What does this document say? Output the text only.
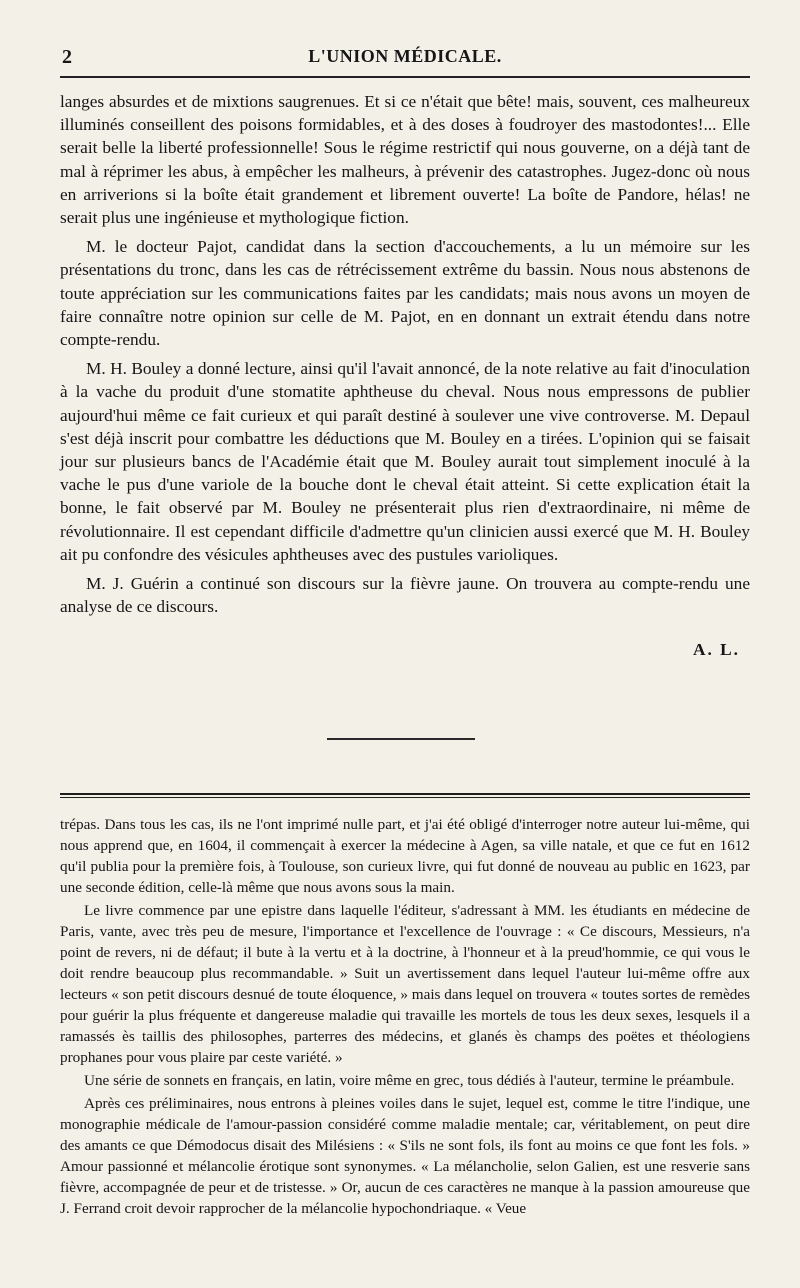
2	L'UNION MÉDICALE.

langes absurdes et de mixtions saugrenues. Et si ce n'était que bête! mais, souvent, ces malheureux illuminés conseillent des poisons formidables, et à des doses à foudroyer des mastodontes!... Elle serait belle la liberté professionnelle! Sous le régime restrictif qui nous gouverne, on a déjà tant de mal à réprimer les abus, à empêcher les malheurs, à prévenir des catastrophes. Jugez-donc où nous en arriverions si la boîte était grandement et librement ouverte! La boîte de Pandore, hélas! ne serait plus une ingénieuse et mythologique fiction.

M. le docteur Pajot, candidat dans la section d'accouchements, a lu un mémoire sur les présentations du tronc, dans les cas de rétrécissement extrême du bassin. Nous nous abstenons de toute appréciation sur les communications faites par les candidats; mais nous avons un moyen de faire connaître notre opinion sur celle de M. Pajot, en en donnant un extrait étendu dans notre compte-rendu.

M. H. Bouley a donné lecture, ainsi qu'il l'avait annoncé, de la note relative au fait d'inoculation à la vache du produit d'une stomatite aphtheuse du cheval. Nous nous empressons de publier aujourd'hui même ce fait curieux et qui paraît destiné à soulever une vive controverse. M. Depaul s'est déjà inscrit pour combattre les déductions que M. Bouley en a tirées. L'opinion qui se faisait jour sur plusieurs bancs de l'Académie était que M. Bouley aurait tout simplement inoculé à la vache le pus d'une variole de la bouche dont le cheval était atteint. Si cette explication était la bonne, le fait observé par M. Bouley ne présenterait plus rien d'extraordinaire, ni même de révolutionnaire. Il est cependant difficile d'admettre qu'un clinicien aussi exercé que M. H. Bouley ait pu confondre des vésicules aphtheuses avec des pustules varioliques.

M. J. Guérin a continué son discours sur la fièvre jaune. On trouvera au compte-rendu une analyse de ce discours.

A. L.

trépas. Dans tous les cas, ils ne l'ont imprimé nulle part, et j'ai été obligé d'interroger notre auteur lui-même, qui nous apprend que, en 1604, il commençait à exercer la médecine à Agen, sa ville natale, et que ce fut en 1612 qu'il publia pour la première fois, à Toulouse, son curieux livre, qui fut donné de nouveau au public en 1623, par une seconde édition, celle-là même que nous avons sous la main.

Le livre commence par une epistre dans laquelle l'éditeur, s'adressant à MM. les étudiants en médecine de Paris, vante, avec très peu de mesure, l'importance et l'excellence de l'ouvrage : « Ce discours, Messieurs, n'a point de revers, ni de défaut; il bute à la vertu et à la doctrine, à l'honneur et à la preud'hommie, ce qui vous le doit rendre beaucoup plus recommandable. » Suit un avertissement dans lequel l'auteur lui-même offre aux lecteurs « son petit discours desnué de toute éloquence, » mais dans lequel on trouvera « toutes sortes de remèdes pour guérir la plus fréquente et dangereuse maladie qui travaille les mortels de tous les deux sexes, lesquels il a ramassés ès taillis des philosophes, parterres des médecins, et glanés ès champs des poëtes et théologiens prophanes pour vous plaire par ceste variété. »

Une série de sonnets en français, en latin, voire même en grec, tous dédiés à l'auteur, termine le préambule.

Après ces préliminaires, nous entrons à pleines voiles dans le sujet, lequel est, comme le titre l'indique, une monographie médicale de l'amour-passion considéré comme maladie mentale; car, véritablement, on peut dire des amants ce que Démodocus disait des Milésiens : « S'ils ne sont fols, ils font au moins ce que font les fols. » Amour passionné et mélancolie érotique sont synonymes. « La mélancholie, selon Galien, est une resverie sans fièvre, accompagnée de peur et de tristesse. » Or, aucun de ces caractères ne manque à la passion amoureuse que J. Ferrand croit devoir rapprocher de la mélancolie hypochondriaque. « Veue
